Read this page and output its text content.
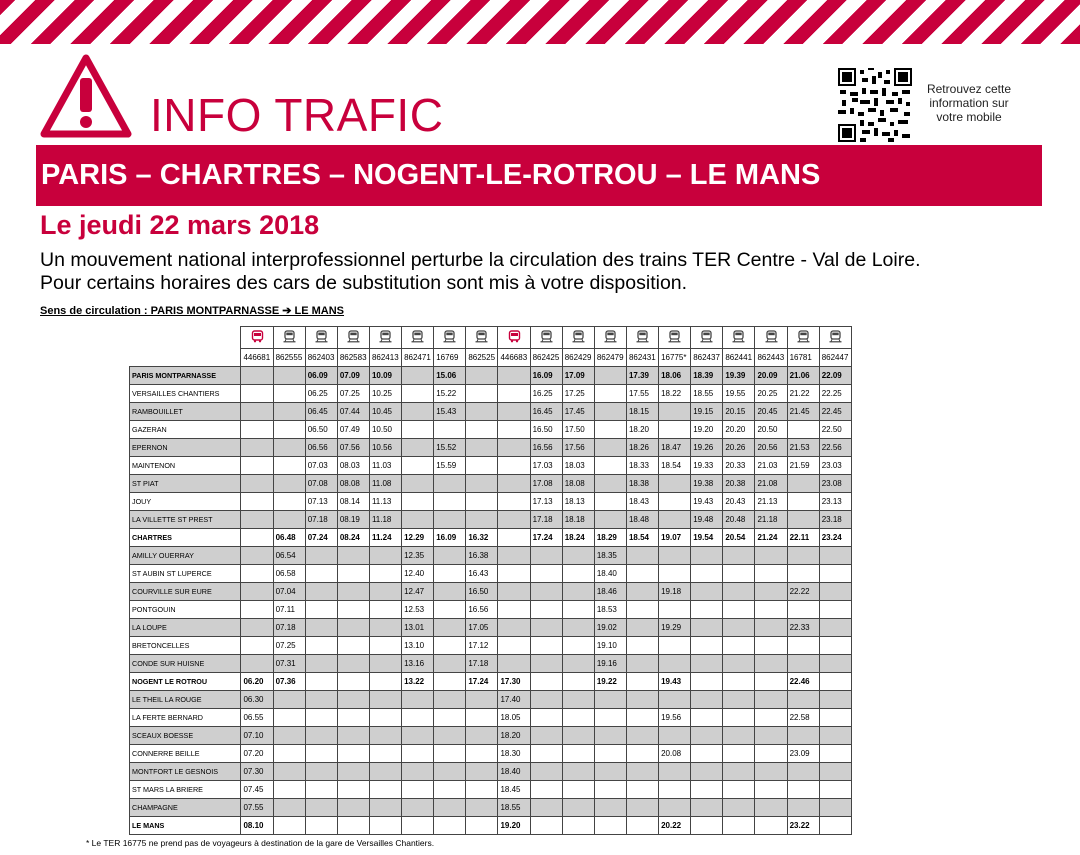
INFO TRAFIC	Retrouvez cette information sur votre mobile
PARIS – CHARTRES – NOGENT-LE-ROTROU – LE MANS
Le jeudi 22 mars 2018
Un mouvement national interprofessionnel perturbe la circulation des trains TER Centre - Val de Loire.
Pour certains horaires des cars de substitution sont mis à votre disposition.
Sens de circulation : PARIS MONTPARNASSE ➔ LE MANS

	446681	862555	862403	862583	862413	862471	16769	862525	446683	862425	862429	862479	862431	16775*	862437	862441	862443	16781	862447
PARIS MONTPARNASSE			06.09	07.09	10.09		15.06			16.09	17.09		17.39	18.06	18.39	19.39	20.09	21.06	22.09
VERSAILLES CHANTIERS			06.25	07.25	10.25		15.22			16.25	17.25		17.55	18.22	18.55	19.55	20.25	21.22	22.25
RAMBOUILLET			06.45	07.44	10.45		15.43			16.45	17.45		18.15		19.15	20.15	20.45	21.45	22.45
GAZERAN			06.50	07.49	10.50					16.50	17.50		18.20		19.20	20.20	20.50		22.50
EPERNON			06.56	07.56	10.56		15.52			16.56	17.56		18.26	18.47	19.26	20.26	20.56	21.53	22.56
MAINTENON			07.03	08.03	11.03		15.59			17.03	18.03		18.33	18.54	19.33	20.33	21.03	21.59	23.03
ST PIAT			07.08	08.08	11.08					17.08	18.08		18.38		19.38	20.38	21.08		23.08
JOUY			07.13	08.14	11.13					17.13	18.13		18.43		19.43	20.43	21.13		23.13
LA VILLETTE ST PREST			07.18	08.19	11.18					17.18	18.18		18.48		19.48	20.48	21.18		23.18
CHARTRES		06.48	07.24	08.24	11.24	12.29	16.09	16.32		17.24	18.24	18.29	18.54	19.07	19.54	20.54	21.24	22.11	23.24
AMILLY OUERRAY		06.54				12.35		16.38				18.35							
ST AUBIN ST LUPERCE		06.58				12.40		16.43				18.40							
COURVILLE SUR EURE		07.04				12.47		16.50				18.46		19.18				22.22	
PONTGOUIN		07.11				12.53		16.56				18.53							
LA LOUPE		07.18				13.01		17.05				19.02		19.29				22.33	
BRETONCELLES		07.25				13.10		17.12				19.10							
CONDE SUR HUISNE		07.31				13.16		17.18				19.16							
NOGENT LE ROTROU	06.20	07.36				13.22		17.24	17.30			19.22		19.43				22.46	
LE THEIL LA ROUGE	06.30								17.40										
LA FERTE BERNARD	06.55								18.05					19.56				22.58	
SCEAUX BOESSE	07.10								18.20										
CONNERRE BEILLE	07.20								18.30					20.08				23.09	
MONTFORT LE GESNOIS	07.30								18.40										
ST MARS LA BRIERE	07.45								18.45										
CHAMPAGNE	07.55								18.55										
LE MANS	08.10								19.20					20.22				23.22	
* Le TER 16775 ne prend pas de voyageurs à destination de la gare de Versailles Chantiers.
